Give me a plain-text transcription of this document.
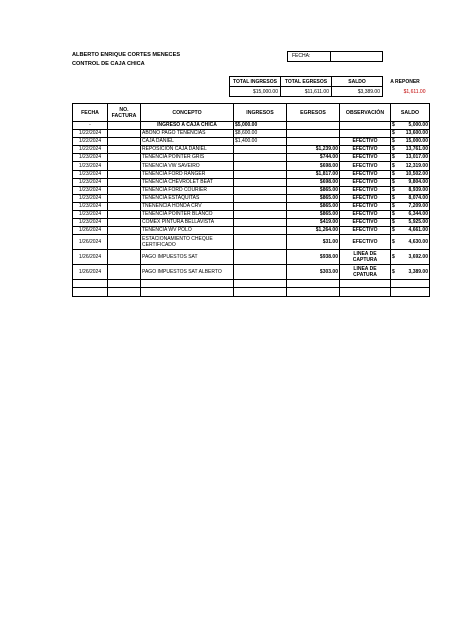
ALBERTO ENRIQUE CORTES MENECES
CONTROL DE CAJA CHICA
FECHA:
TOTAL INGRESOS	TOTAL EGRESOS	SALDO	A REPONER
$15,000.00	$11,611.00	$3,389.00	$1,611.00
FECHA	NO. FACTURA	CONCEPTO	INGRESOS	EGRESOS	OBSERVACIÓN	SALDO
-		INGRESO A CAJA CHICA	$5,000.00			$ 5,000.00

1/22/2024		ABONO PAGO TENENCIAS	$8,600.00			$ 13,600.00

1/22/2024		CAJA DANIEL	$1,400.00		EFECTIVO	$ 15,000.00

1/22/2024		REPOSICION CAJA DANIEL		$1,239.00	EFECTIVO	$ 13,761.00

1/23/2024		TENENCIA POINTER GRIS		$744.00	EFECTIVO	$ 13,017.00

1/23/2024		TENENCIA VW SAVEIRO		$698.00	EFECTIVO	$ 12,319.00

1/23/2024		TENENCIA FORD RANGER		$1,817.00	EFECTIVO	$ 10,502.00

1/23/2024		TENENCIA CHEVROLET BEAT		$698.00	EFECTIVO	$ 9,804.00

1/23/2024		TENENCIA FORD COURIER		$865.00	EFECTIVO	$ 8,939.00

1/23/2024		TENENCIA ESTAQUITAS		$865.00	EFECTIVO	$ 8,074.00

1/23/2024		TNENENCIA HONDA CRV		$865.00	EFECTIVO	$ 7,209.00

1/23/2024		TENENCIA POINTER BLANCO		$865.00	EFECTIVO	$ 6,344.00

1/23/2024		COMEX PINTURA BELLAVISTA		$419.00	EFECTIVO	$ 5,925.00

1/26/2024		TENENCIA WV POLO		$1,264.00	EFECTIVO	$ 4,661.00

1/26/2024		ESTACIONAMIENTO CHEQUE CERTIFICADO		$31.00	EFECTIVO	$ 4,630.00

1/26/2024		PAGO IMPUESTOS SAT		$938.00	LINEA DE CAPTURA	$ 3,692.00

1/26/2024		PAGO IMPUESTOS SAT ALBERTO		$303.00	LINEA DE CPATURA	$ 3,389.00
